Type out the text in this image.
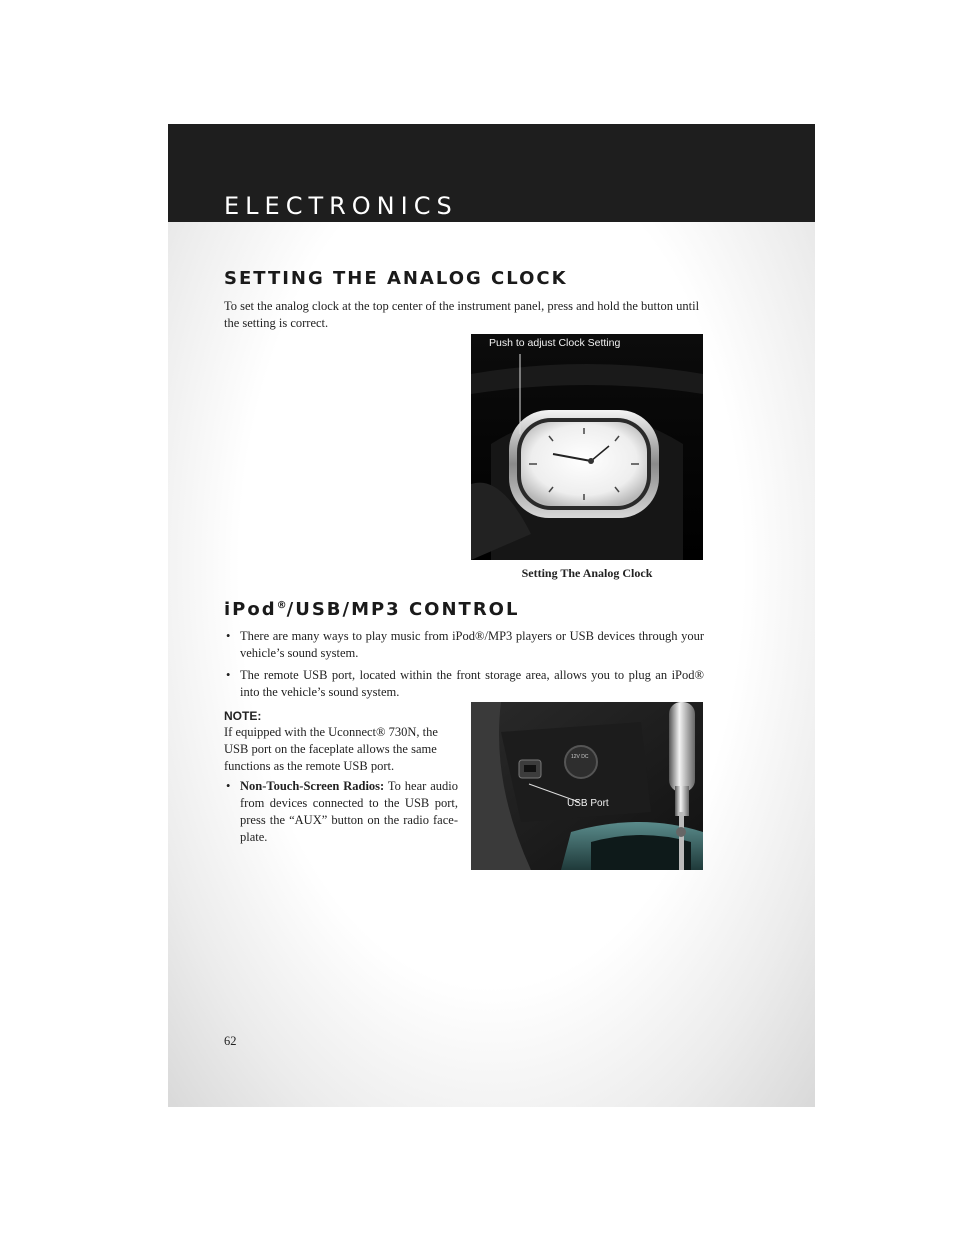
ELECTRONICS
SETTING THE ANALOG CLOCK
To set the analog clock at the top center of the instrument panel, press and hold the button until the setting is correct.
Push to adjust Clock Setting
Setting The Analog Clock
iPod®/USB/MP3 CONTROL
• There are many ways to play music from iPod®/MP3 players or USB devices through your vehicle’s sound system.
• The remote USB port, located within the front storage area, allows you to plug an iPod® into the vehicle’s sound system.
NOTE:
If equipped with the Uconnect® 730N, the USB port on the faceplate allows the same functions as the remote USB port.
• Non-Touch-Screen Radios: To hear audio from devices connected to the USB port, press the “AUX” button on the radio face-plate.
USB Port
12V DC
62
